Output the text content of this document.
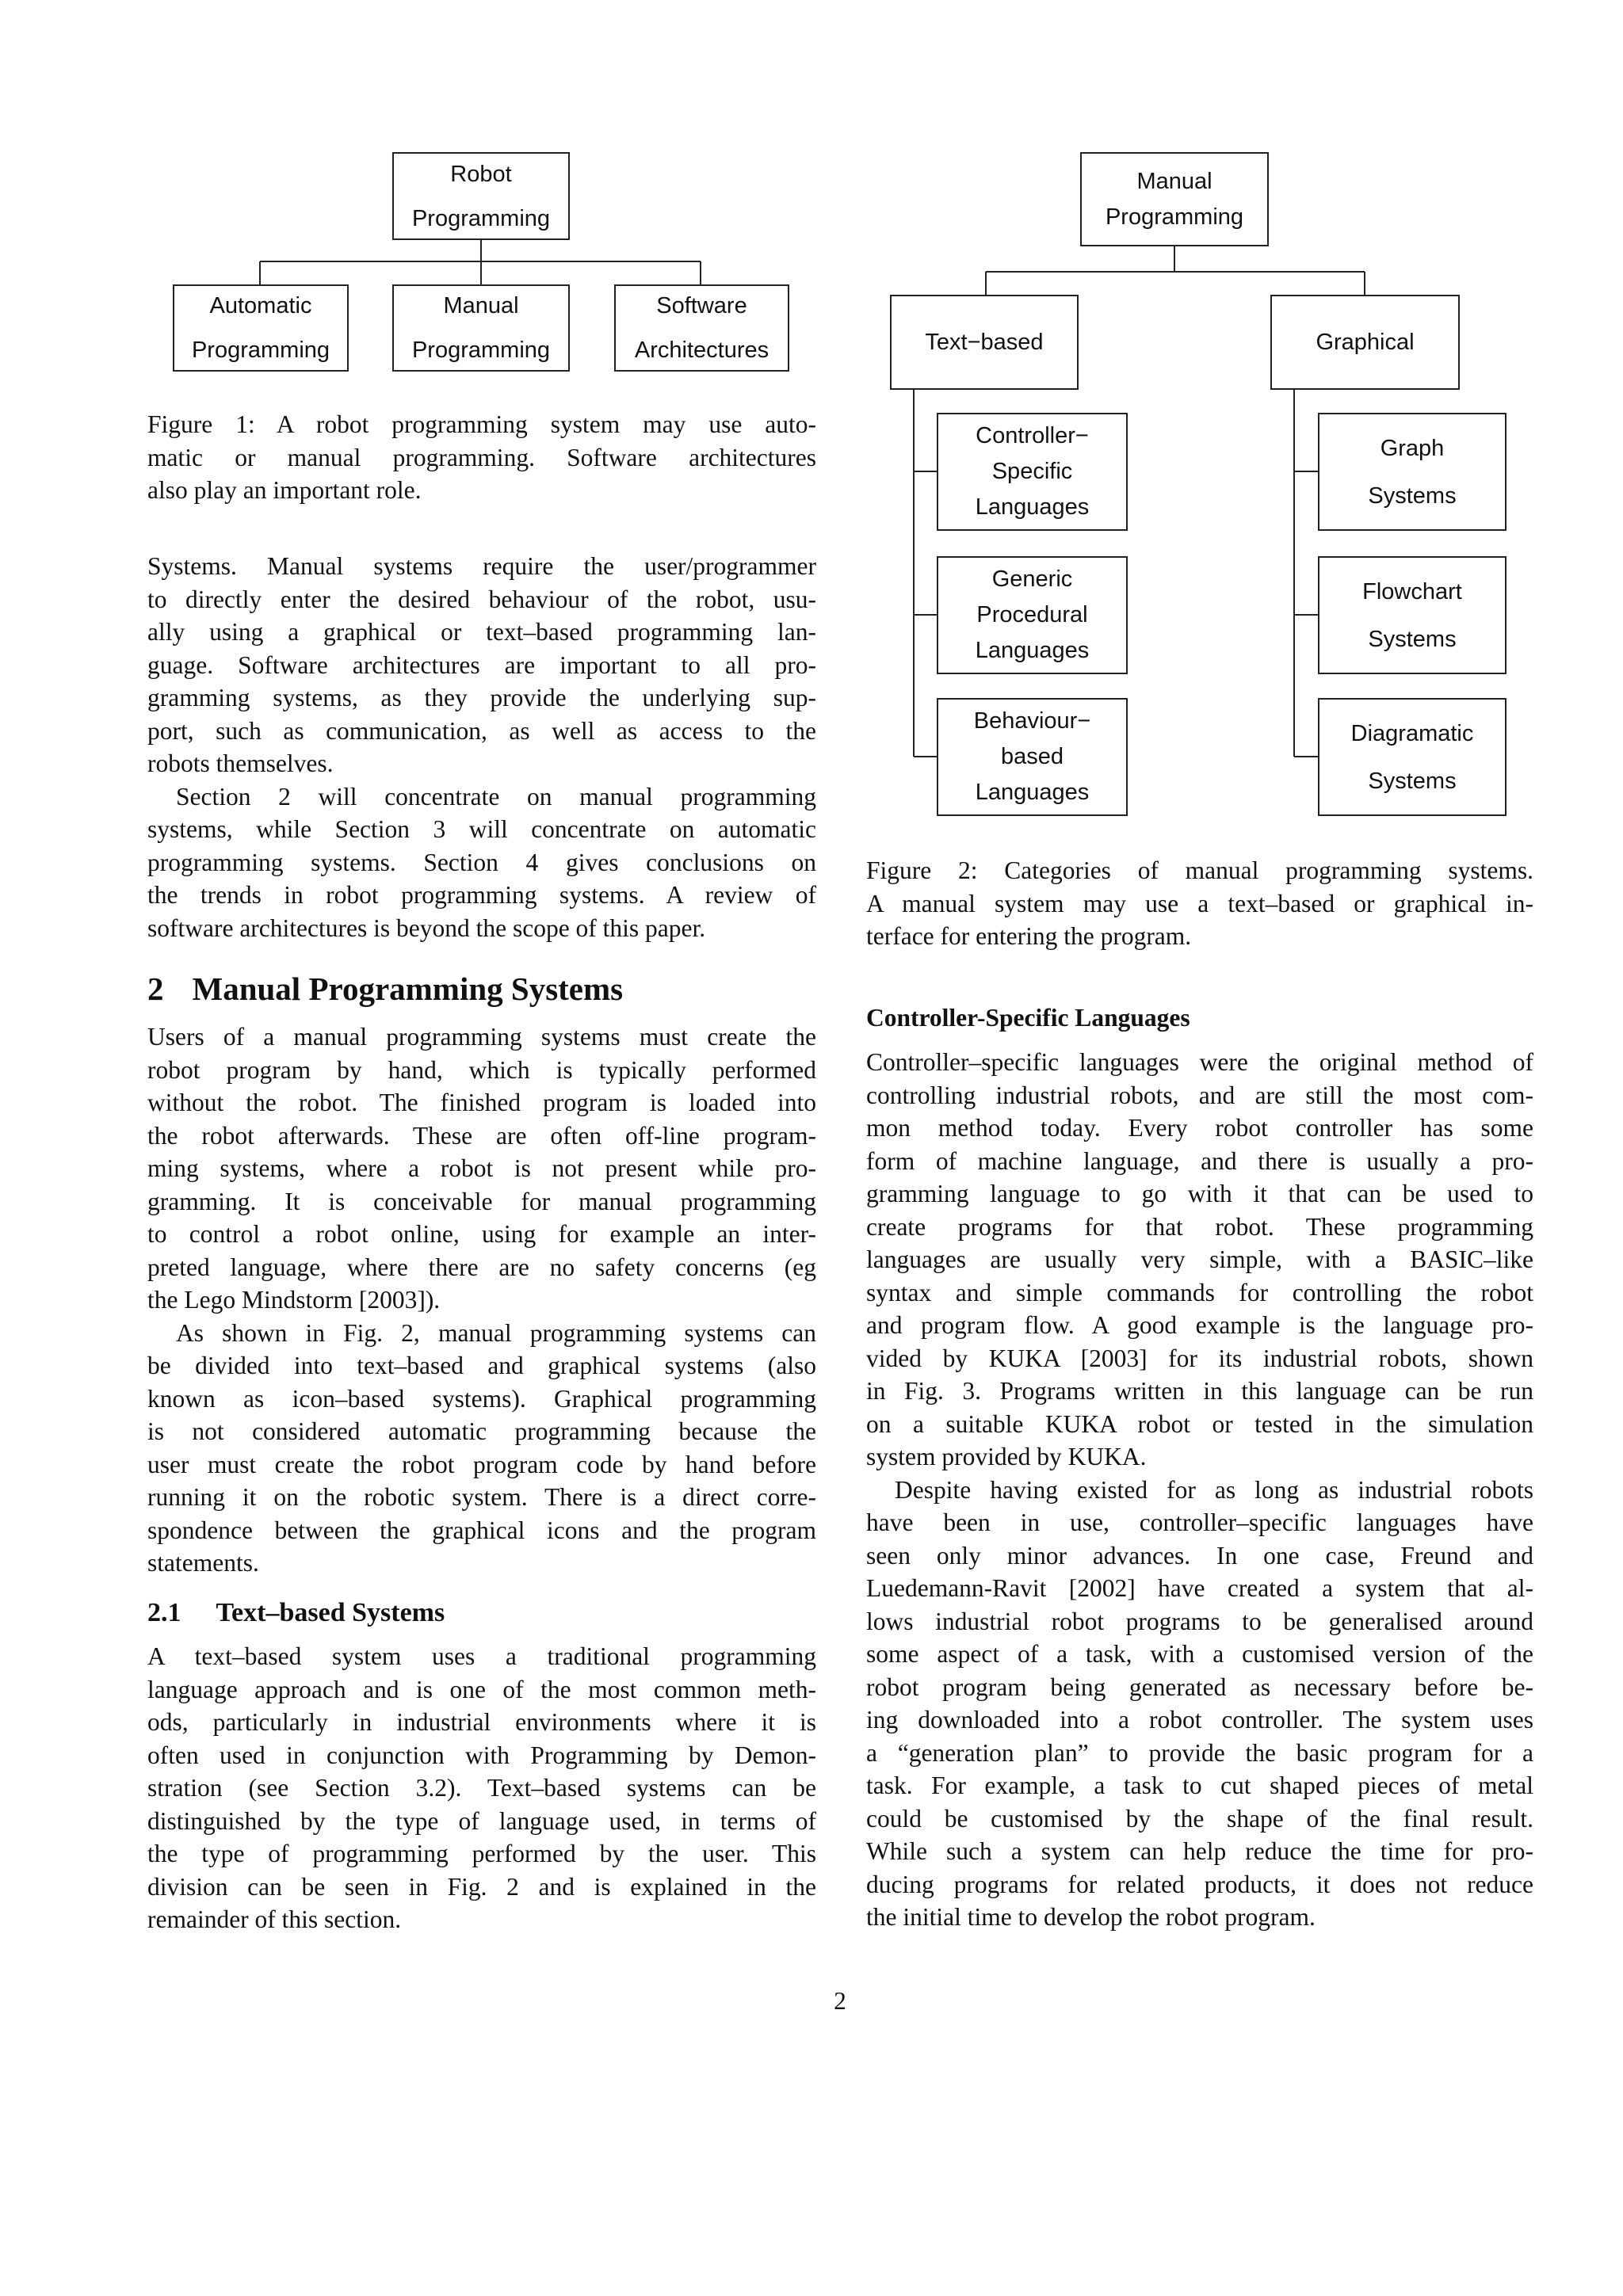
Robot
Programming
Automatic
Programming
Manual
Programming
Software
Architectures
Manual
Programming
Text−based	Graphical
Controller−
Specific
Languages
Generic
Procedural
Languages
Behaviour−
based
Languages
Graph
Systems
Flowchart
Systems
Diagramatic
Systems
Figure 1: A robot programming system may use auto-
matic or manual programming. Software architectures
also play an important role.
Figure 2: Categories of manual programming systems.
A manual system may use a text–based or graphical in-
terface for entering the program.
Systems. Manual systems require the user/programmer
to directly enter the desired behaviour of the robot, usu-
ally using a graphical or text–based programming lan-
guage. Software architectures are important to all pro-
gramming systems, as they provide the underlying sup-
port, such as communication, as well as access to the
robots themselves.
Section 2 will concentrate on manual programming
systems, while Section 3 will concentrate on automatic
programming systems. Section 4 gives conclusions on
the trends in robot programming systems. A review of
software architectures is beyond the scope of this paper.
2 Manual Programming Systems
Users of a manual programming systems must create the
robot program by hand, which is typically performed
without the robot. The finished program is loaded into
the robot afterwards. These are often off-line program-
ming systems, where a robot is not present while pro-
gramming. It is conceivable for manual programming
to control a robot online, using for example an inter-
preted language, where there are no safety concerns (eg
the Lego Mindstorm [2003]).
As shown in Fig. 2, manual programming systems can
be divided into text–based and graphical systems (also
known as icon–based systems). Graphical programming
is not considered automatic programming because the
user must create the robot program code by hand before
running it on the robotic system. There is a direct corre-
spondence between the graphical icons and the program
statements.
2.1 Text–based Systems
A text–based system uses a traditional programming
language approach and is one of the most common meth-
ods, particularly in industrial environments where it is
often used in conjunction with Programming by Demon-
stration (see Section 3.2). Text–based systems can be
distinguished by the type of language used, in terms of
the type of programming performed by the user. This
division can be seen in Fig. 2 and is explained in the
remainder of this section.
Controller-Specific Languages
Controller–specific languages were the original method of
controlling industrial robots, and are still the most com-
mon method today. Every robot controller has some
form of machine language, and there is usually a pro-
gramming language to go with it that can be used to
create programs for that robot. These programming
languages are usually very simple, with a BASIC–like
syntax and simple commands for controlling the robot
and program flow. A good example is the language pro-
vided by KUKA [2003] for its industrial robots, shown
in Fig. 3. Programs written in this language can be run
on a suitable KUKA robot or tested in the simulation
system provided by KUKA.
Despite having existed for as long as industrial robots
have been in use, controller–specific languages have
seen only minor advances. In one case, Freund and
Luedemann-Ravit [2002] have created a system that al-
lows industrial robot programs to be generalised around
some aspect of a task, with a customised version of the
robot program being generated as necessary before be-
ing downloaded into a robot controller. The system uses
a “generation plan” to provide the basic program for a
task. For example, a task to cut shaped pieces of metal
could be customised by the shape of the final result.
While such a system can help reduce the time for pro-
ducing programs for related products, it does not reduce
the initial time to develop the robot program.
2
